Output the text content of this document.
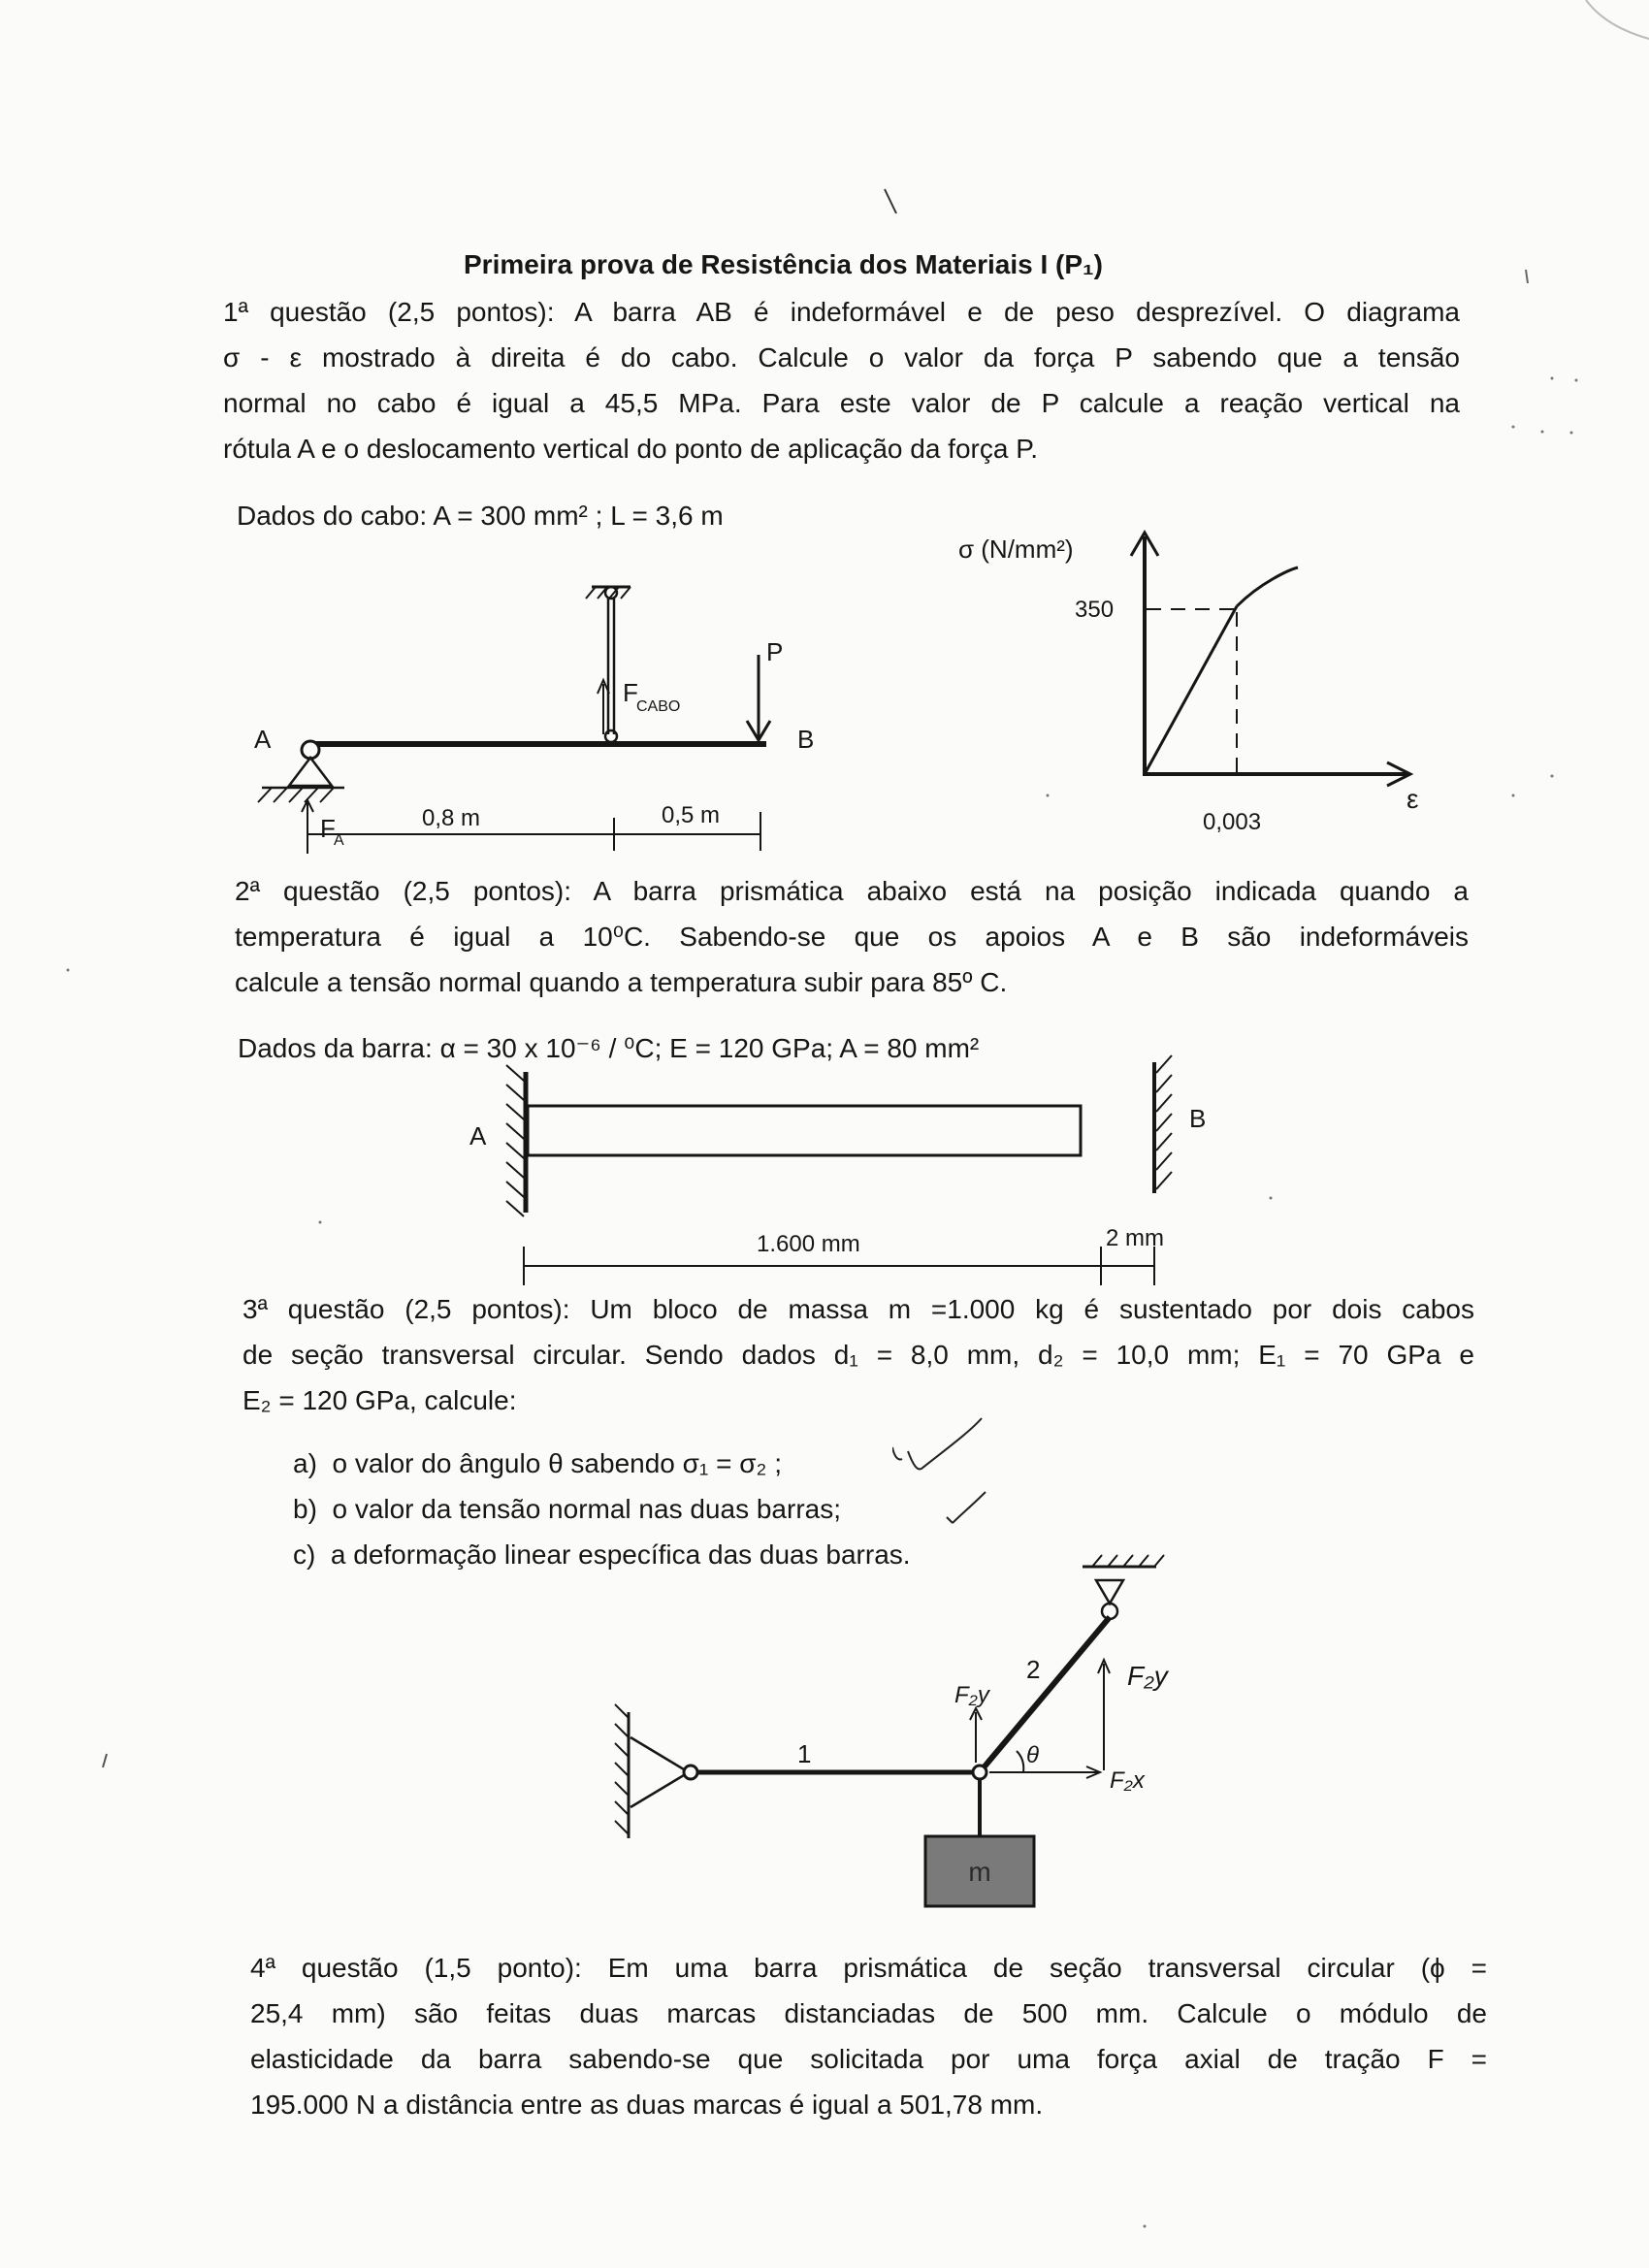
Primeira prova de Resistência dos Materiais I (P₁)
1ª questão (2,5 pontos): A barra AB é indeformável e de peso desprezível. O diagrama
σ - ε mostrado à direita é do cabo. Calcule o valor da força P sabendo que a tensão
normal no cabo é igual a 45,5 MPa. Para este valor de P calcule a reação vertical na
rótula A e o deslocamento vertical do ponto de aplicação da força P.
Dados do cabo: A = 300 mm² ; L = 3,6 m
F
CABO
A	B
P
F
A
0,8 m	0,5 m
σ (N/mm²)
350
0,003
ε
2ª questão (2,5 pontos): A barra prismática abaixo está na posição indicada quando a
temperatura é igual a 10⁰C. Sabendo-se que os apoios A e B são indeformáveis
calcule a tensão normal quando a temperatura subir para 85º C.
Dados da barra: α = 30 x 10⁻⁶ / ⁰C; E = 120 GPa; A = 80 mm²
A
B
1.600 mm	2 mm
3ª questão (2,5 pontos): Um bloco de massa m =1.000 kg é sustentado por dois cabos
de seção transversal circular. Sendo dados d₁ = 8,0 mm, d₂ = 10,0 mm; E₁ = 70 GPa e
E₂ = 120 GPa, calcule:
a) o valor do ângulo θ sabendo σ₁ = σ₂ ;
b) o valor da tensão normal nas duas barras;
c) a deformação linear específica das duas barras.
1
2
F₂y
F₂y
F₂x
θ
m
4ª questão (1,5 ponto): Em uma barra prismática de seção transversal circular (ϕ =
25,4 mm) são feitas duas marcas distanciadas de 500 mm. Calcule o módulo de
elasticidade da barra sabendo-se que solicitada por uma força axial de tração F =
195.000 N a distância entre as duas marcas é igual a 501,78 mm.
